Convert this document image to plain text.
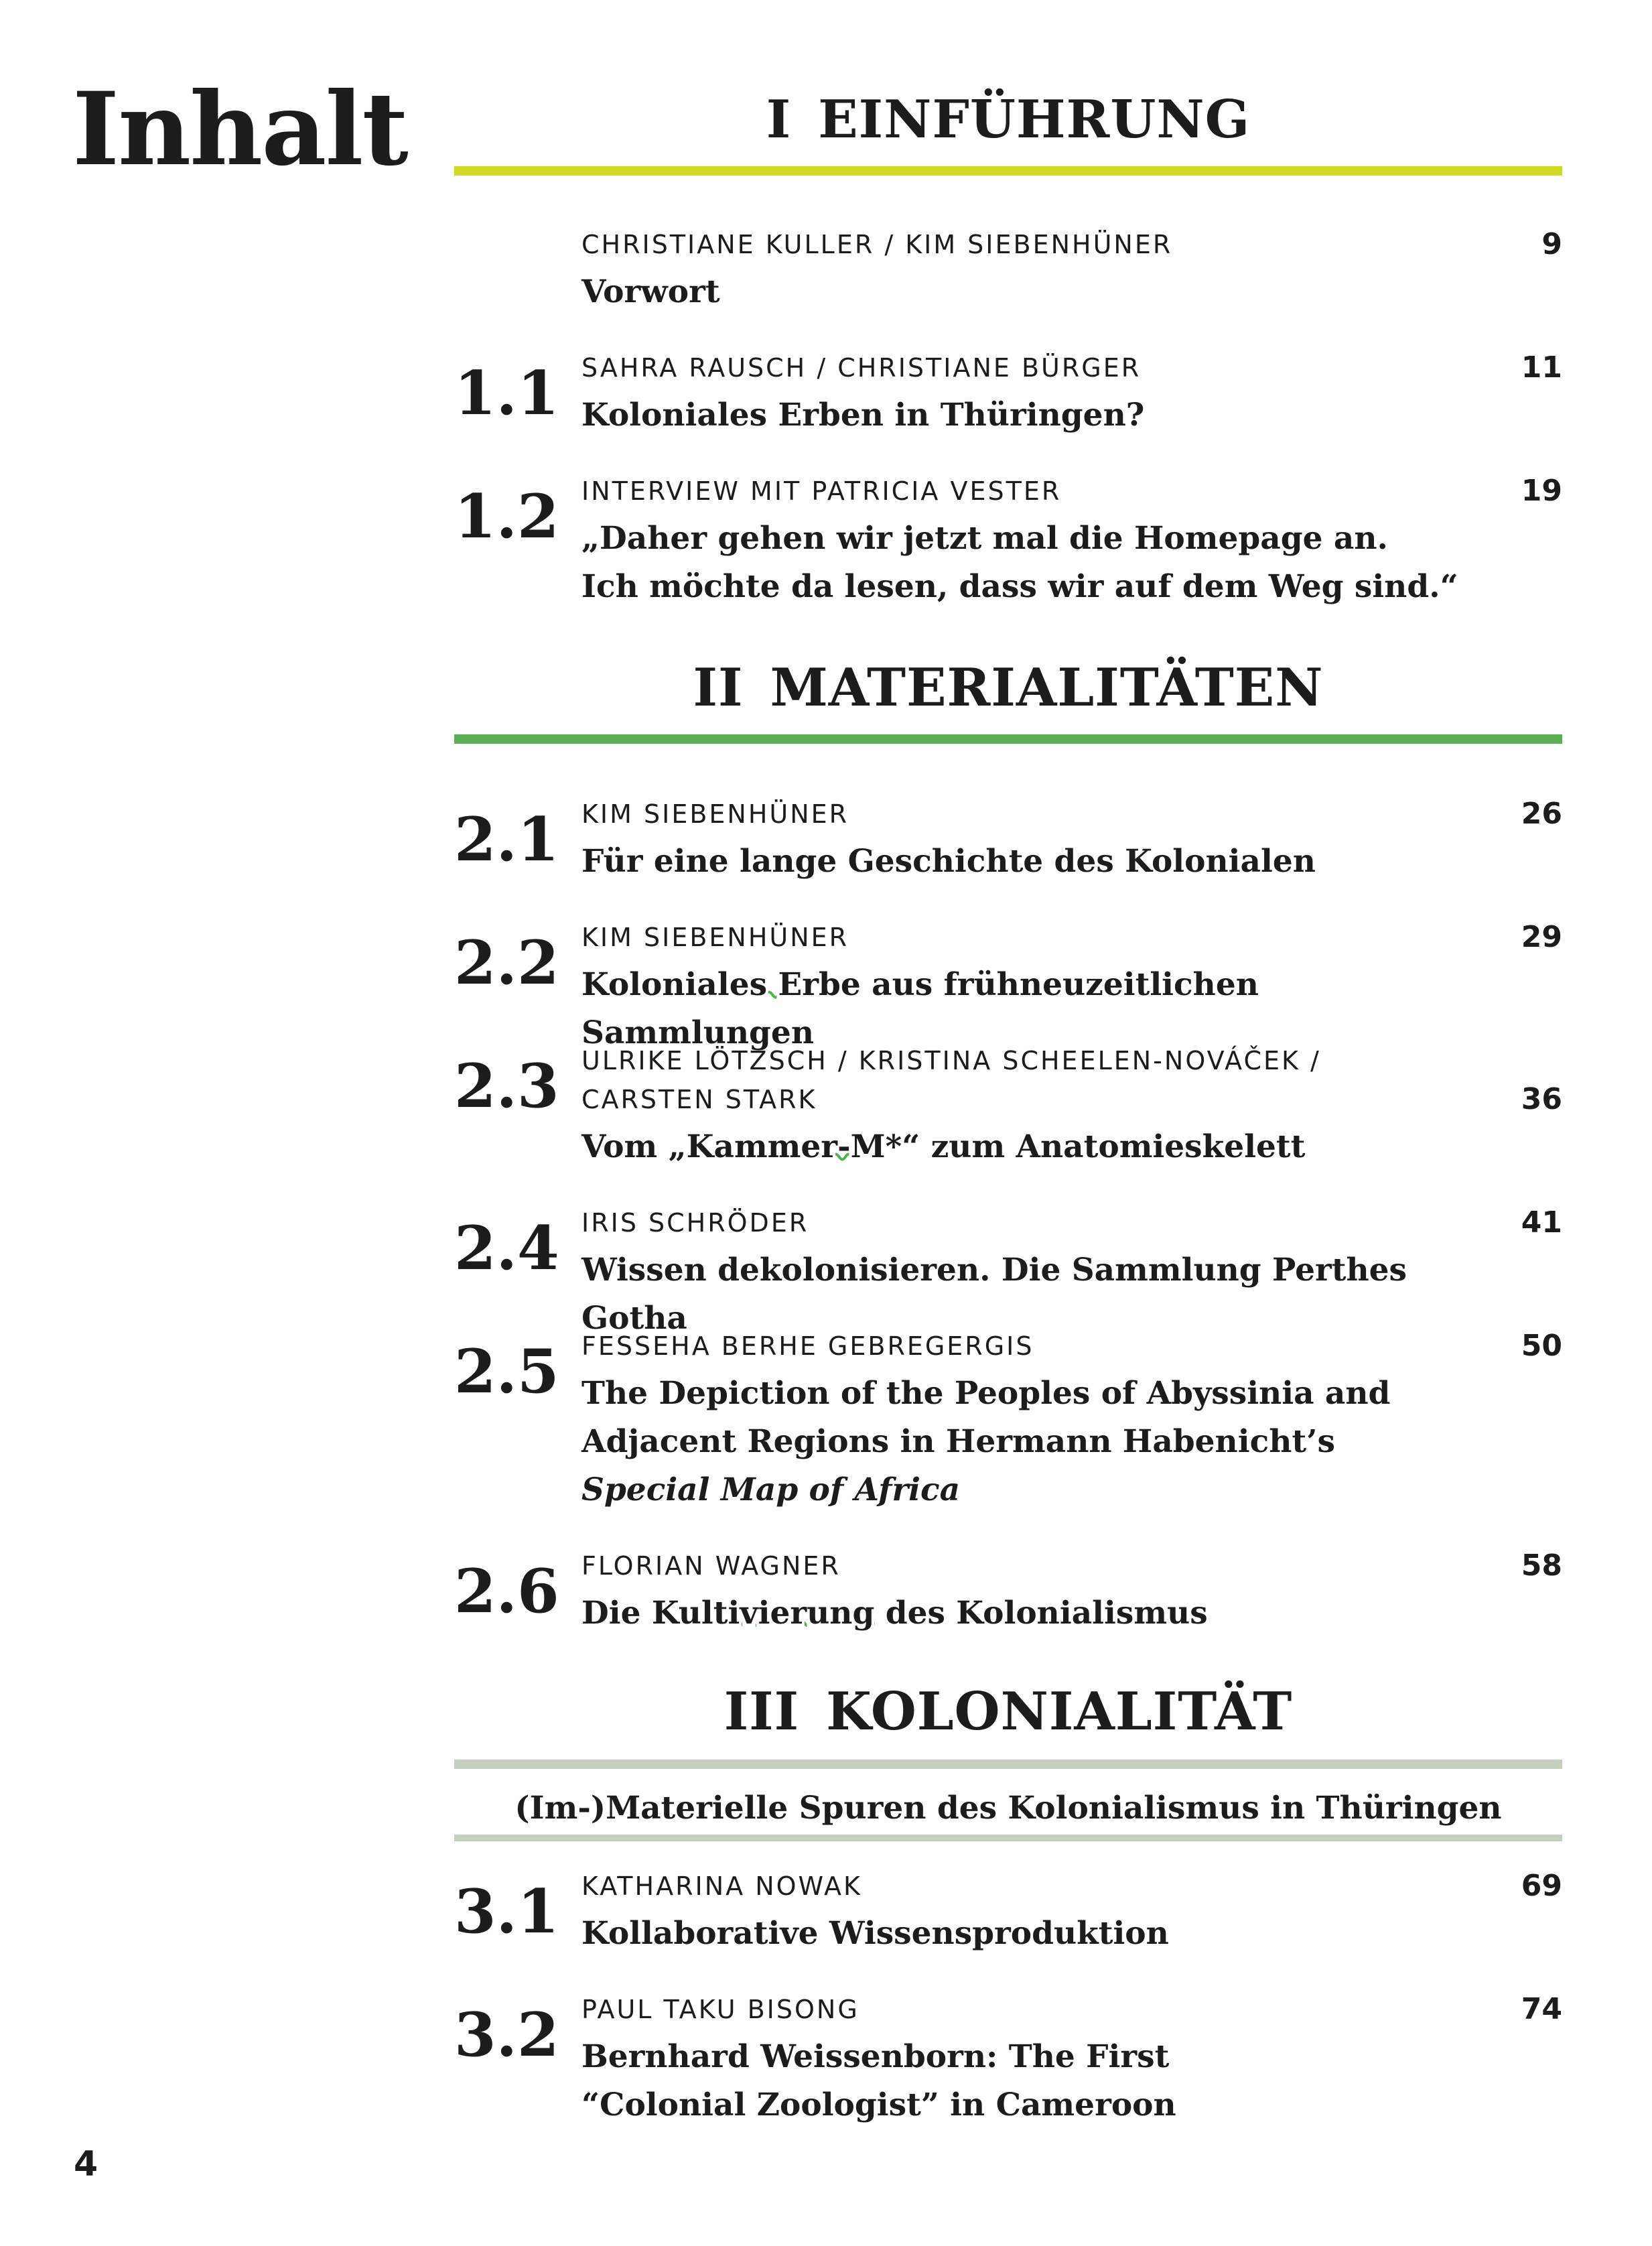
Inhalt	I EINFÜHRUNG
CHRISTIANE KULLER / KIM SIEBENHÜNER
Vorwort
9
1.1 SAHRA RAUSCH / CHRISTIANE BÜRGER
Koloniales Erben in Thüringen?
11
1.2 INTERVIEW MIT PATRICIA VESTER
„Daher gehen wir jetzt mal die Homepage an.
Ich möchte da lesen, dass wir auf dem Weg sind.“
19
II MATERIALITÄTEN
2.1 KIM SIEBENHÜNER
Für eine lange Geschichte des Kolonialen
26
2.2 KIM SIEBENHÜNER
Koloniales Erbe aus frühneuzeitlichen Sammlungen
29
2.3 ULRIKE LÖTZSCH / KRISTINA SCHEELEN-NOVÁČEK /
CARSTEN STARK
Vom „Kammer-M*“ zum Anatomieskelett
36
2.4 IRIS SCHRÖDER
Wissen dekolonisieren. Die Sammlung Perthes Gotha
41
2.5 FESSEHA BERHE GEBREGERGIS
The Depiction of the Peoples of Abyssinia and
Adjacent Regions in Hermann Habenicht’s
Special Map of Africa
50
2.6 FLORIAN WAGNER
Die Kultivierung des Kolonialismus
58
III KOLONIALITÄT
(Im-)Materielle Spuren des Kolonialismus in Thüringen
3.1 KATHARINA NOWAK
Kollaborative Wissensproduktion
69
3.2 PAUL TAKU BISONG
Bernhard Weissenborn: The First
“Colonial Zoologist” in Cameroon
74
4
